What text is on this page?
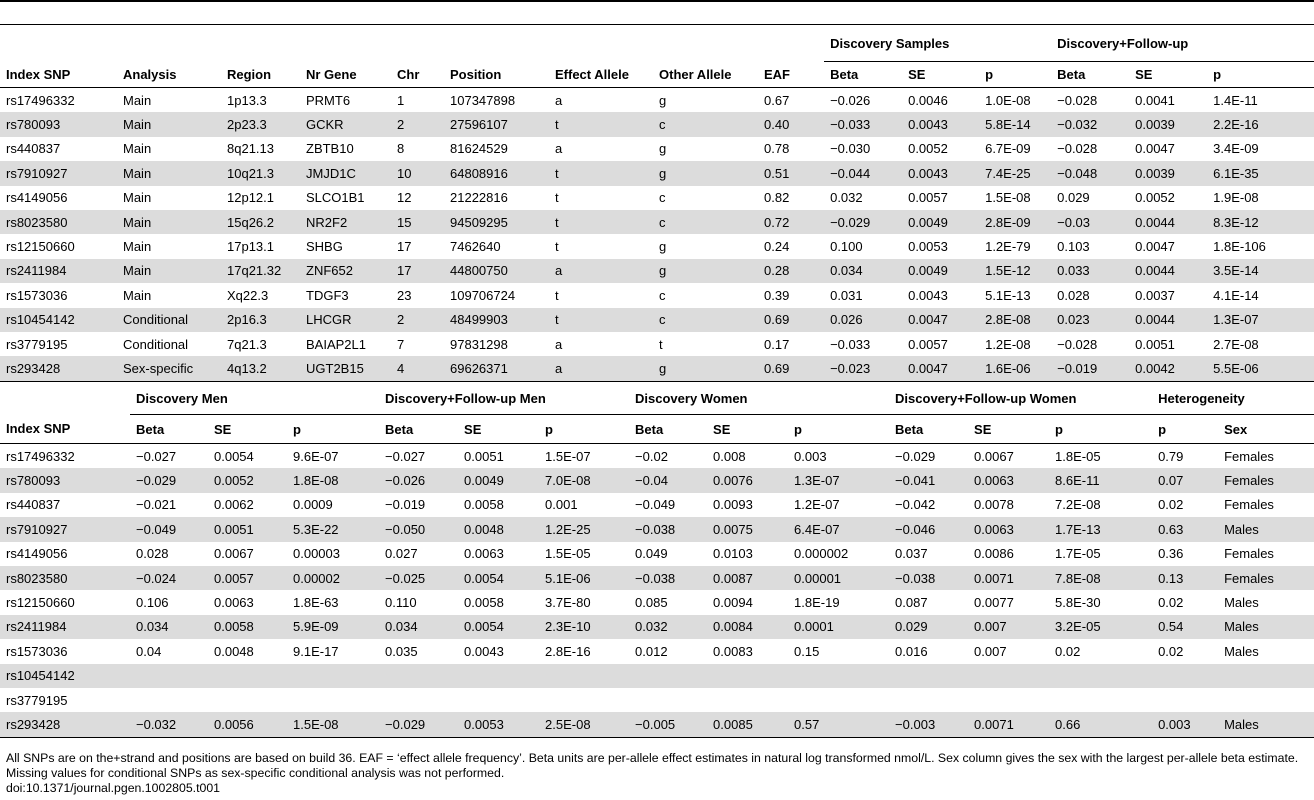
									Discovery Samples			Discovery+Follow-up		
Index SNP	Analysis	Region	Nr Gene	Chr	Position	Effect Allele	Other Allele	EAF	Beta	SE	p	Beta	SE	p
rs17496332	Main	1p13.3	PRMT6	1	107347898	a	g	0.67	−0.026	0.0046	1.0E-08	−0.028	0.0041	1.4E-11
rs780093	Main	2p23.3	GCKR	2	27596107	t	c	0.40	−0.033	0.0043	5.8E-14	−0.032	0.0039	2.2E-16
rs440837	Main	8q21.13	ZBTB10	8	81624529	a	g	0.78	−0.030	0.0052	6.7E-09	−0.028	0.0047	3.4E-09
rs7910927	Main	10q21.3	JMJD1C	10	64808916	t	g	0.51	−0.044	0.0043	7.4E-25	−0.048	0.0039	6.1E-35
rs4149056	Main	12p12.1	SLCO1B1	12	21222816	t	c	0.82	0.032	0.0057	1.5E-08	0.029	0.0052	1.9E-08
rs8023580	Main	15q26.2	NR2F2	15	94509295	t	c	0.72	−0.029	0.0049	2.8E-09	−0.03	0.0044	8.3E-12
rs12150660	Main	17p13.1	SHBG	17	7462640	t	g	0.24	0.100	0.0053	1.2E-79	0.103	0.0047	1.8E-106
rs2411984	Main	17q21.32	ZNF652	17	44800750	a	g	0.28	0.034	0.0049	1.5E-12	0.033	0.0044	3.5E-14
rs1573036	Main	Xq22.3	TDGF3	23	109706724	t	c	0.39	0.031	0.0043	5.1E-13	0.028	0.0037	4.1E-14
rs10454142	Conditional	2p16.3	LHCGR	2	48499903	t	c	0.69	0.026	0.0047	2.8E-08	0.023	0.0044	1.3E-07
rs3779195	Conditional	7q21.3	BAIAP2L1	7	97831298	a	t	0.17	−0.033	0.0057	1.2E-08	−0.028	0.0051	2.7E-08
rs293428	Sex-specific	4q13.2	UGT2B15	4	69626371	a	g	0.69	−0.023	0.0047	1.6E-06	−0.019	0.0042	5.5E-06
	Discovery Men			Discovery+Follow-up Men			Discovery Women			Discovery+Follow-up Women			Heterogeneity	
Index SNP	Beta	SE	p	Beta	SE	p	Beta	SE	p	Beta	SE	p	p	Sex
rs17496332	−0.027	0.0054	9.6E-07	−0.027	0.0051	1.5E-07	−0.02	0.008	0.003	−0.029	0.0067	1.8E-05	0.79	Females
rs780093	−0.029	0.0052	1.8E-08	−0.026	0.0049	7.0E-08	−0.04	0.0076	1.3E-07	−0.041	0.0063	8.6E-11	0.07	Females
rs440837	−0.021	0.0062	0.0009	−0.019	0.0058	0.001	−0.049	0.0093	1.2E-07	−0.042	0.0078	7.2E-08	0.02	Females
rs7910927	−0.049	0.0051	5.3E-22	−0.050	0.0048	1.2E-25	−0.038	0.0075	6.4E-07	−0.046	0.0063	1.7E-13	0.63	Males
rs4149056	0.028	0.0067	0.00003	0.027	0.0063	1.5E-05	0.049	0.0103	0.000002	0.037	0.0086	1.7E-05	0.36	Females
rs8023580	−0.024	0.0057	0.00002	−0.025	0.0054	5.1E-06	−0.038	0.0087	0.00001	−0.038	0.0071	7.8E-08	0.13	Females
rs12150660	0.106	0.0063	1.8E-63	0.110	0.0058	3.7E-80	0.085	0.0094	1.8E-19	0.087	0.0077	5.8E-30	0.02	Males
rs2411984	0.034	0.0058	5.9E-09	0.034	0.0054	2.3E-10	0.032	0.0084	0.0001	0.029	0.007	3.2E-05	0.54	Males
rs1573036	0.04	0.0048	9.1E-17	0.035	0.0043	2.8E-16	0.012	0.0083	0.15	0.016	0.007	0.02	0.02	Males
rs10454142														
rs3779195														
rs293428	−0.032	0.0056	1.5E-08	−0.029	0.0053	2.5E-08	−0.005	0.0085	0.57	−0.003	0.0071	0.66	0.003	Males

All SNPs are on the+strand and positions are based on build 36. EAF = ‘effect allele frequency’. Beta units are per-allele effect estimates in natural log transformed nmol/L. Sex column gives the sex with the largest per-allele beta estimate. Missing values for conditional SNPs as sex-specific conditional analysis was not performed.

doi:10.1371/journal.pgen.1002805.t001
